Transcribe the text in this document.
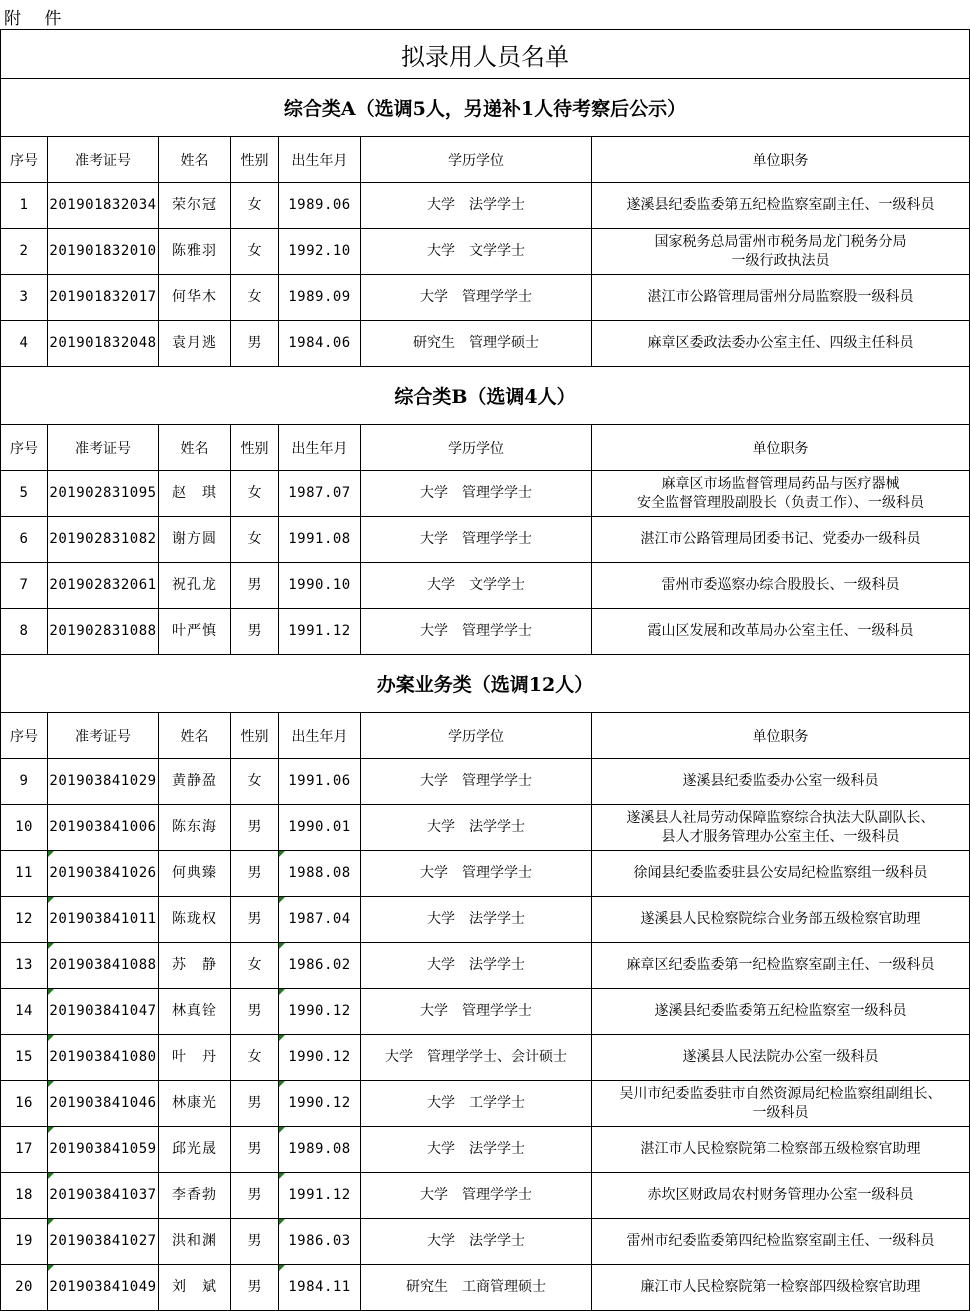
附 件
拟录用人员名单						
综合类A（选调5人，另递补1人待考察后公示）						
序号	准考证号	姓名	性别	出生年月	学历学位	单位职务
1	201901832034	荣尔冠	女	1989.06	大学　法学学士	遂溪县纪委监委第五纪检监察室副主任、一级科员

2	201901832010	陈雅羽	女	1992.10	大学　文学学士	国家税务总局雷州市税务局龙门税务分局
一级行政执法员

3	201901832017	何华木	女	1989.09	大学　管理学学士	湛江市公路管理局雷州分局监察股一级科员

4	201901832048	袁月逃	男	1984.06	研究生　管理学硕士	麻章区委政法委办公室主任、四级主任科员

综合类B（选调4人）						
序号	准考证号	姓名	性别	出生年月	学历学位	单位职务
5	201902831095	赵　琪	女	1987.07	大学　管理学学士	麻章区市场监督管理局药品与医疗器械
安全监督管理股副股长（负责工作）、一级科员

6	201902831082	谢方圆	女	1991.08	大学　管理学学士	湛江市公路管理局团委书记、党委办一级科员

7	201902832061	祝孔龙	男	1990.10	大学　文学学士	雷州市委巡察办综合股股长、一级科员

8	201902831088	叶严慎	男	1991.12	大学　管理学学士	霞山区发展和改革局办公室主任、一级科员

办案业务类（选调12人）						
序号	准考证号	姓名	性别	出生年月	学历学位	单位职务
9	201903841029	黄静盈	女	1991.06	大学　管理学学士	遂溪县纪委监委办公室一级科员

10	201903841006	陈东海	男	1990.01	大学　法学学士	遂溪县人社局劳动保障监察综合执法大队副队长、
县人才服务管理办公室主任、一级科员

11	201903841026	何典臻	男	1988.08	大学　管理学学士	徐闻县纪委监委驻县公安局纪检监察组一级科员

12	201903841011	陈珑权	男	1987.04	大学　法学学士	遂溪县人民检察院综合业务部五级检察官助理

13	201903841088	苏　静	女	1986.02	大学　法学学士	麻章区纪委监委第一纪检监察室副主任、一级科员

14	201903841047	林真铨	男	1990.12	大学　管理学学士	遂溪县纪委监委第五纪检监察室一级科员

15	201903841080	叶　丹	女	1990.12	大学　管理学学士、会计硕士	遂溪县人民法院办公室一级科员

16	201903841046	林康光	男	1990.12	大学　工学学士	吴川市纪委监委驻市自然资源局纪检监察组副组长、
一级科员

17	201903841059	邱光晟	男	1989.08	大学　法学学士	湛江市人民检察院第二检察部五级检察官助理

18	201903841037	李香勃	男	1991.12	大学　管理学学士	赤坎区财政局农村财务管理办公室一级科员

19	201903841027	洪和渊	男	1986.03	大学　法学学士	雷州市纪委监委第四纪检监察室副主任、一级科员

20	201903841049	刘　斌	男	1984.11	研究生　工商管理硕士	廉江市人民检察院第一检察部四级检察官助理
